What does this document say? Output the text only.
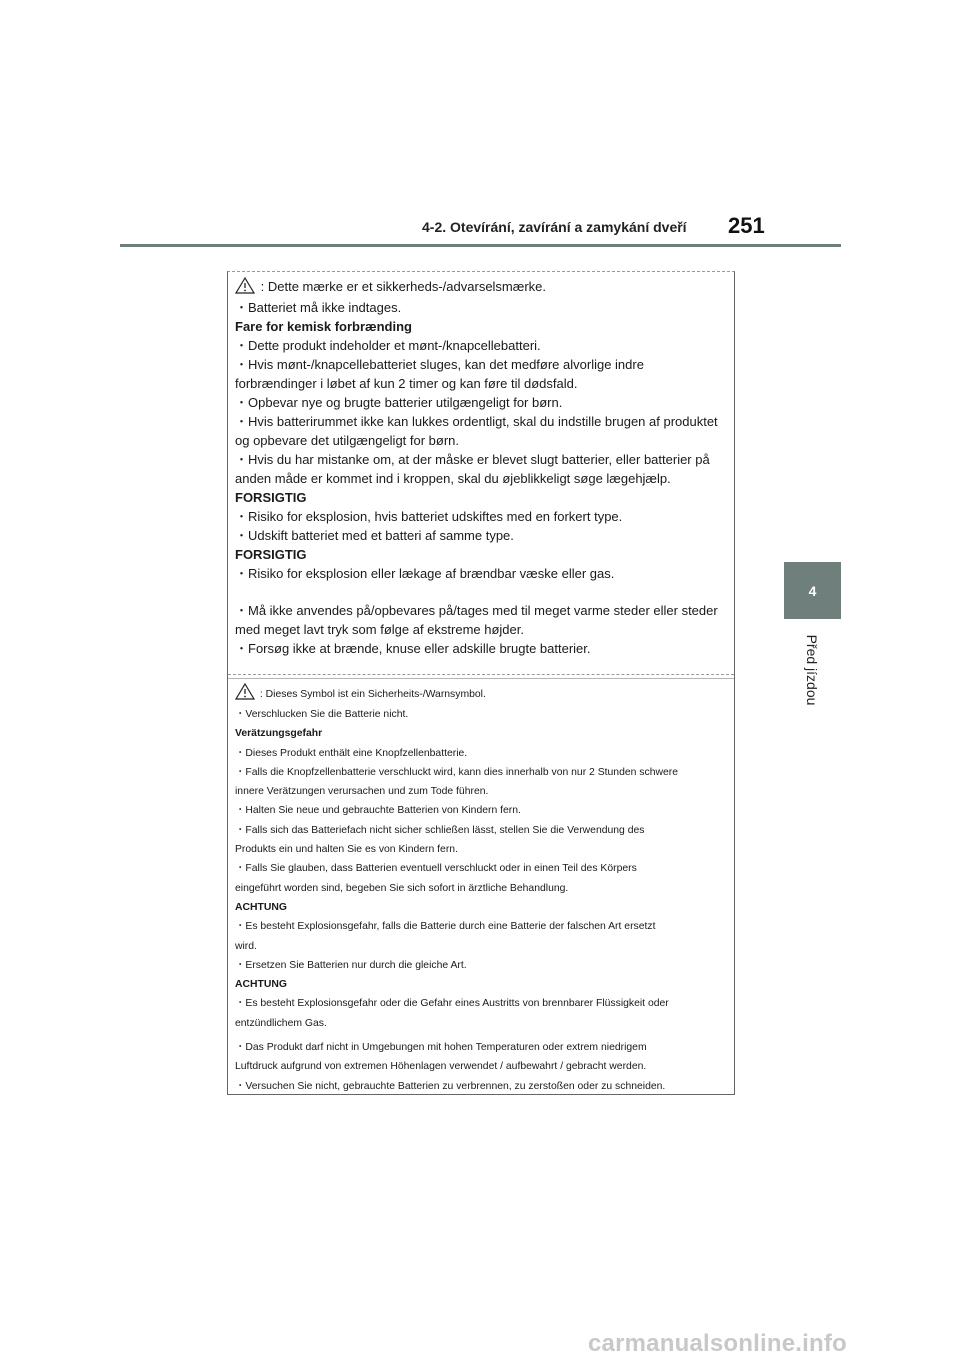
4-2. Otevírání, zavírání a zamykání dveří	251
4
Před jízdou
: Dette mærke er et sikkerheds-/advarselsmærke.
・Batteriet må ikke indtages.
Fare for kemisk forbrænding
・Dette produkt indeholder et mønt-/knapcellebatteri.
・Hvis mønt-/knapcellebatteriet sluges, kan det medføre alvorlige indre
forbrændinger i løbet af kun 2 timer og kan føre til dødsfald.
・Opbevar nye og brugte batterier utilgængeligt for børn.
・Hvis batterirummet ikke kan lukkes ordentligt, skal du indstille brugen af produktet
og opbevare det utilgængeligt for børn.
・Hvis du har mistanke om, at der måske er blevet slugt batterier, eller batterier på
anden måde er kommet ind i kroppen, skal du øjeblikkeligt søge lægehjælp.
FORSIGTIG
・Risiko for eksplosion, hvis batteriet udskiftes med en forkert type.
・Udskift batteriet med et batteri af samme type.
FORSIGTIG
・Risiko for eksplosion eller lækage af brændbar væske eller gas.
・Må ikke anvendes på/opbevares på/tages med til meget varme steder eller steder
med meget lavt tryk som følge af ekstreme højder.
・Forsøg ikke at brænde, knuse eller adskille brugte batterier.
: Dieses Symbol ist ein Sicherheits-/Warnsymbol.
・Verschlucken Sie die Batterie nicht.
Verätzungsgefahr
・Dieses Produkt enthält eine Knopfzellenbatterie.
・Falls die Knopfzellenbatterie verschluckt wird, kann dies innerhalb von nur 2 Stunden schwere
innere Verätzungen verursachen und zum Tode führen.
・Halten Sie neue und gebrauchte Batterien von Kindern fern.
・Falls sich das Batteriefach nicht sicher schließen lässt, stellen Sie die Verwendung des
Produkts ein und halten Sie es von Kindern fern.
・Falls Sie glauben, dass Batterien eventuell verschluckt oder in einen Teil des Körpers
eingeführt worden sind, begeben Sie sich sofort in ärztliche Behandlung.
ACHTUNG
・Es besteht Explosionsgefahr, falls die Batterie durch eine Batterie der falschen Art ersetzt
wird.
・Ersetzen Sie Batterien nur durch die gleiche Art.
ACHTUNG
・Es besteht Explosionsgefahr oder die Gefahr eines Austritts von brennbarer Flüssigkeit oder
entzündlichem Gas.
・Das Produkt darf nicht in Umgebungen mit hohen Temperaturen oder extrem niedrigem
Luftdruck aufgrund von extremen Höhenlagen verwendet / aufbewahrt / gebracht werden.
・Versuchen Sie nicht, gebrauchte Batterien zu verbrennen, zu zerstoßen oder zu schneiden.
carmanualsonline.info
